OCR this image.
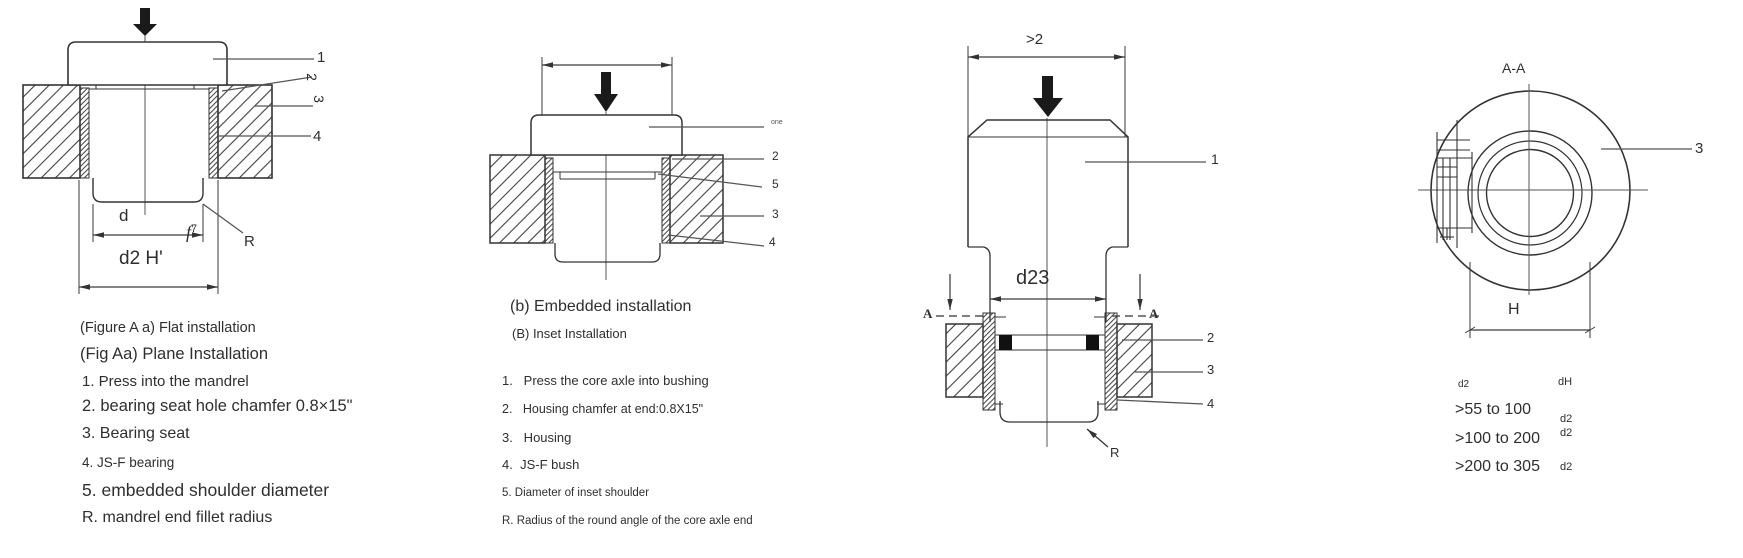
1
2
3
4
d

$f^7$

R
d2 H'
(Figure A a) Flat installation
(Fig Aa) Plane Installation
1. Press into the mandrel
2. bearing seat hole chamfer 0.8×15"
3. Bearing seat
4. JS-F bearing
5. embedded shoulder diameter
R. mandrel end fillet radius
one
2
5
3
4
(b) Embedded installation
(B) Inset Installation
1.   Press the core axle into bushing
2.   Housing chamfer at end:0.8X15"
3.   Housing
4.  JS-F bush
5. Diameter of inset shoulder
R. Radius of the round angle of the core axle end
>2
d23
A	A
1
2
3
4
R
A-A
3
H
d2	dH
>55 to 100
d2
>100 to 200 d2
>200 to 305 d2
